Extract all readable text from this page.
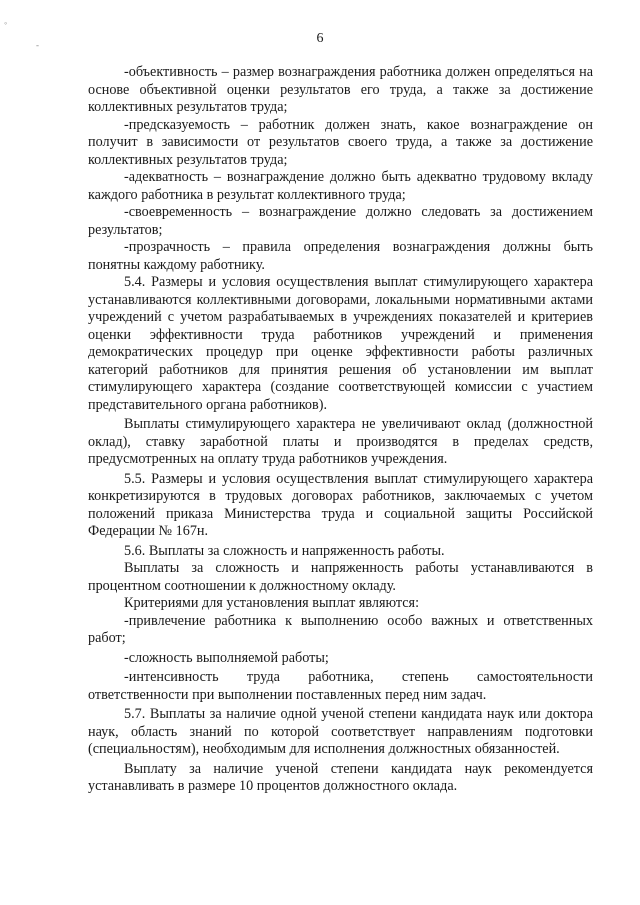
◦
-	6

-объективность – размер вознаграждения работника должен определяться на основе объективной оценки результатов его труда, а также за достижение коллективных результатов труда;

-предсказуемость – работник должен знать, какое вознаграждение он получит в зависимости от результатов своего труда, а также за достижение коллективных результатов труда;

-адекватность – вознаграждение должно быть адекватно трудовому вкладу каждого работника в результат коллективного труда;

-своевременность – вознаграждение должно следовать за достижением результатов;

-прозрачность – правила определения вознаграждения должны быть понятны каждому работнику.

5.4. Размеры и условия осуществления выплат стимулирующего характера устанавливаются коллективными договорами, локальными нормативными актами учреждений с учетом разрабатываемых в учреждениях показателей и критериев оценки эффективности труда работников учреждений и применения демократических процедур при оценке эффективности работы различных категорий работников для принятия решения об установлении им выплат стимулирующего характера (создание соответствующей комиссии с участием представительного органа работников).

Выплаты стимулирующего характера не увеличивают оклад (должностной оклад), ставку заработной платы и производятся в пределах средств, предусмотренных на оплату труда работников учреждения.

5.5. Размеры и условия осуществления выплат стимулирующего характера конкретизируются в трудовых договорах работников, заключаемых с учетом положений приказа Министерства труда и социальной защиты Российской Федерации № 167н.

5.6. Выплаты за сложность и напряженность работы.

Выплаты за сложность и напряженность работы устанавливаются в процентном соотношении к должностному окладу.

Критериями для установления выплат являются:

-привлечение работника к выполнению особо важных и ответственных работ;

-сложность выполняемой работы;

-интенсивность труда работника, степень самостоятельности ответственности при выполнении поставленных перед ним задач.

5.7. Выплаты за наличие одной ученой степени кандидата наук или доктора наук, область знаний по которой соответствует направлениям подготовки (специальностям), необходимым для исполнения должностных обязанностей.

Выплату за наличие ученой степени кандидата наук рекомендуется устанавливать в размере 10 процентов должностного оклада.
